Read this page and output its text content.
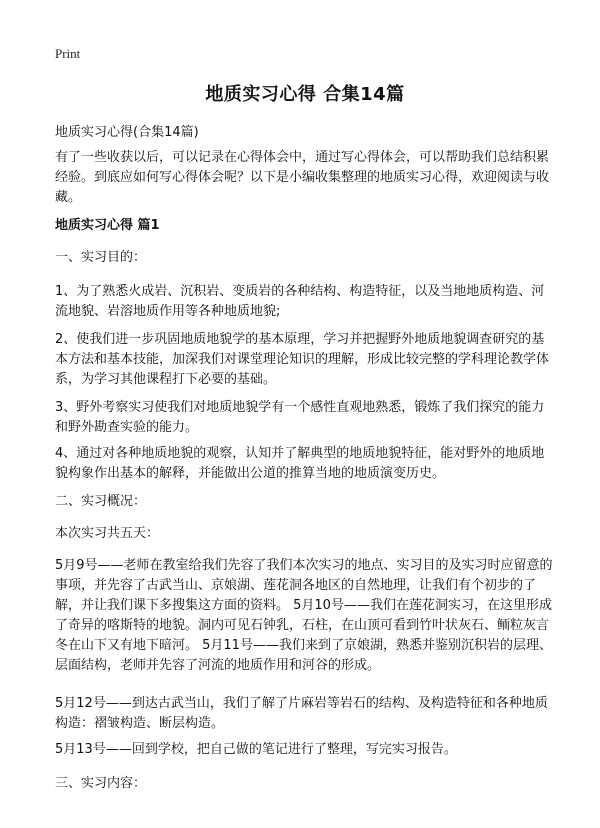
Print
地质实习心得 合集14篇
地质实习心得(合集14篇)

有了一些收获以后，可以记录在心得体会中，通过写心得体会，可以帮助我们总结积累经验。到底应如何写心得体会呢？以下是小编收集整理的地质实习心得，欢迎阅读与收藏。

地质实习心得 篇1

一、实习目的：

1、为了熟悉火成岩、沉积岩、变质岩的各种结构、构造特征，以及当地地质构造、河流地貌、岩溶地质作用等各种地质地貌;

2、使我们进一步巩固地质地貌学的基本原理，学习并把握野外地质地貌调查研究的基本方法和基本技能，加深我们对课堂理论知识的理解，形成比较完整的学科理论教学体系，为学习其他课程打下必要的基础。

3、野外考察实习使我们对地质地貌学有一个感性直观地熟悉，锻炼了我们探究的能力和野外勘查实验的能力。

4、通过对各种地质地貌的观察，认知并了解典型的地质地貌特征，能对野外的地质地貌构象作出基本的解释，并能做出公道的推算当地的地质演变历史。

二、实习概况：

本次实习共五天：

5月9号——老师在教室给我们先容了我们本次实习的地点、实习目的及实习时应留意的事项，并先容了古武当山、京娘湖、莲花洞各地区的自然地理，让我们有个初步的了解，并让我们课下多搜集这方面的资料。 5月10号——我们在莲花洞实习，在这里形成了奇异的喀斯特的地貌。洞内可见石钟乳，石柱，在山顶可看到竹叶状灰石、鲕粒灰言冬在山下又有地下暗河。 5月11号——我们来到了京娘湖，熟悉并鉴别沉积岩的层理、层面结构，老师并先容了河流的地质作用和河谷的形成。

5月12号——到达古武当山，我们了解了片麻岩等岩石的结构、及构造特征和各种地质构造：褶皱构造、断层构造。

5月13号——回到学校，把自己做的笔记进行了整理，写完实习报告。

三、实习内容：
